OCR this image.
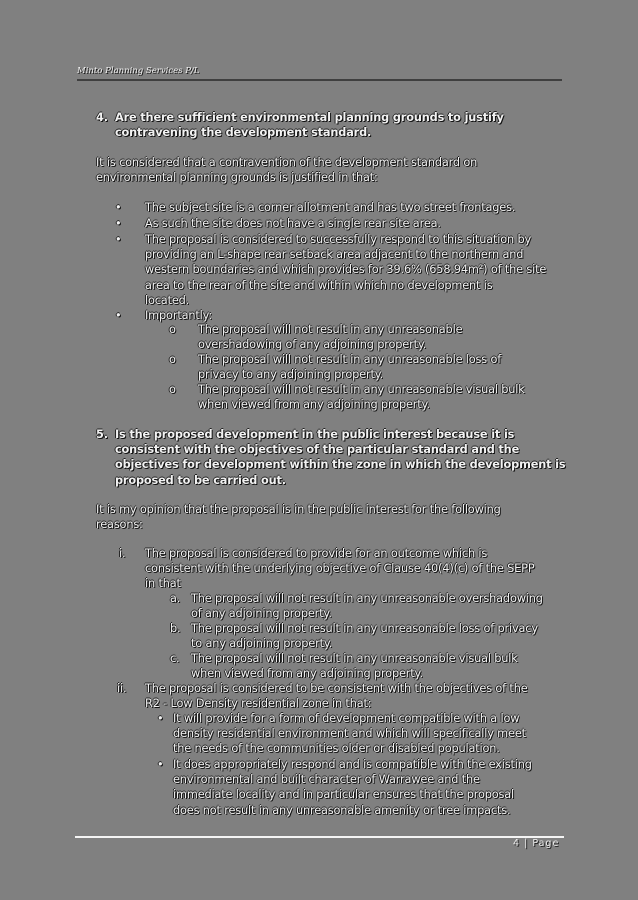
Minto Planning Services P/L
4. Are there sufficient environmental planning grounds to justify
contravening the development standard.
It is considered that a contravention of the development standard on
environmental planning grounds is justified in that:
• The subject site is a corner allotment and has two street frontages.
• As such the site does not have a single rear site area.
• The proposal is considered to successfully respond to this situation by
providing an L-shape rear setback area adjacent to the northern and
western boundaries and which provides for 39.6% (658.94m²) of the site
area to the rear of the site and within which no development is
located.
• Importantly:
o The proposal will not result in any unreasonable
overshadowing of any adjoining property.
o The proposal will not result in any unreasonable loss of
privacy to any adjoining property.
o The proposal will not result in any unreasonable visual bulk
when viewed from any adjoining property.
5. Is the proposed development in the public interest because it is
consistent with the objectives of the particular standard and the
objectives for development within the zone in which the development is
proposed to be carried out.
It is my opinion that the proposal is in the public interest for the following
reasons:
i. The proposal is considered to provide for an outcome which is
consistent with the underlying objective of Clause 40(4)(c) of the SEPP
in that
a. The proposal will not result in any unreasonable overshadowing
of any adjoining property.
b. The proposal will not result in any unreasonable loss of privacy
to any adjoining property.
c. The proposal will not result in any unreasonable visual bulk
when viewed from any adjoining property.
ii. The proposal is considered to be consistent with the objectives of the
R2 - Low Density residential zone in that:
• It will provide for a form of development compatible with a low
density residential environment and which will specifically meet
the needs of the communities older or disabled population.
• It does appropriately respond and is compatible with the existing
environmental and built character of Warrawee and the
immediate locality and in particular ensures that the proposal
does not result in any unreasonable amenity or tree impacts.
4 | Page
